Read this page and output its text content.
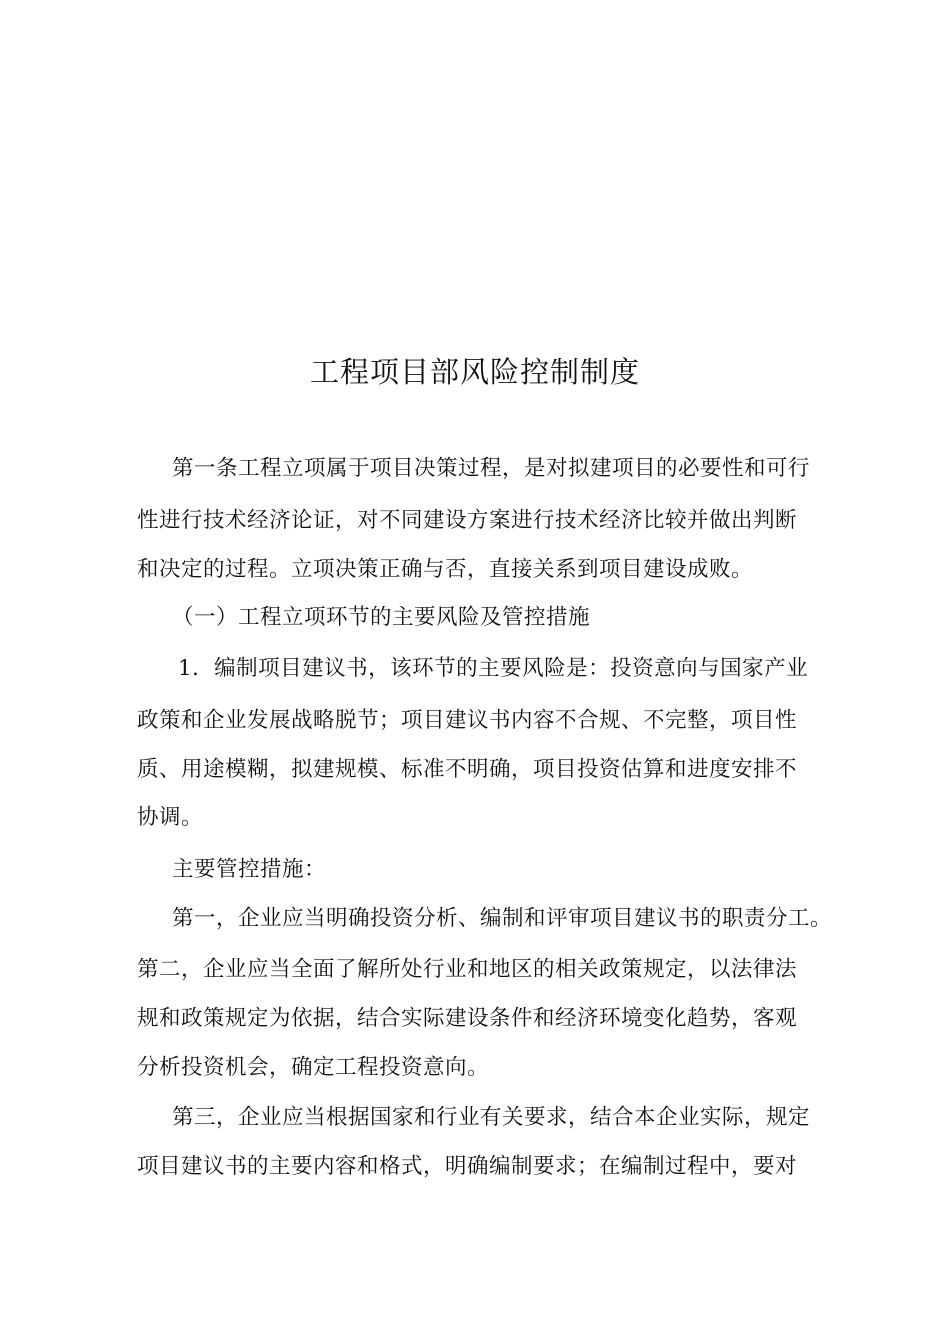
工程项目部风险控制制度
第一条工程立项属于项目决策过程，是对拟建项目的必要性和可行
性进行技术经济论证，对不同建设方案进行技术经济比较并做出判断
和决定的过程。立项决策正确与否，直接关系到项目建设成败。
（一）工程立项环节的主要风险及管控措施
1．编制项目建议书，该环节的主要风险是：投资意向与国家产业
政策和企业发展战略脱节；项目建议书内容不合规、不完整，项目性
质、用途模糊，拟建规模、标准不明确，项目投资估算和进度安排不
协调。
主要管控措施：
第一，企业应当明确投资分析、编制和评审项目建议书的职责分工。
第二，企业应当全面了解所处行业和地区的相关政策规定，以法律法
规和政策规定为依据，结合实际建设条件和经济环境变化趋势，客观
分析投资机会，确定工程投资意向。
第三，企业应当根据国家和行业有关要求，结合本企业实际，规定
项目建议书的主要内容和格式，明确编制要求；在编制过程中，要对
